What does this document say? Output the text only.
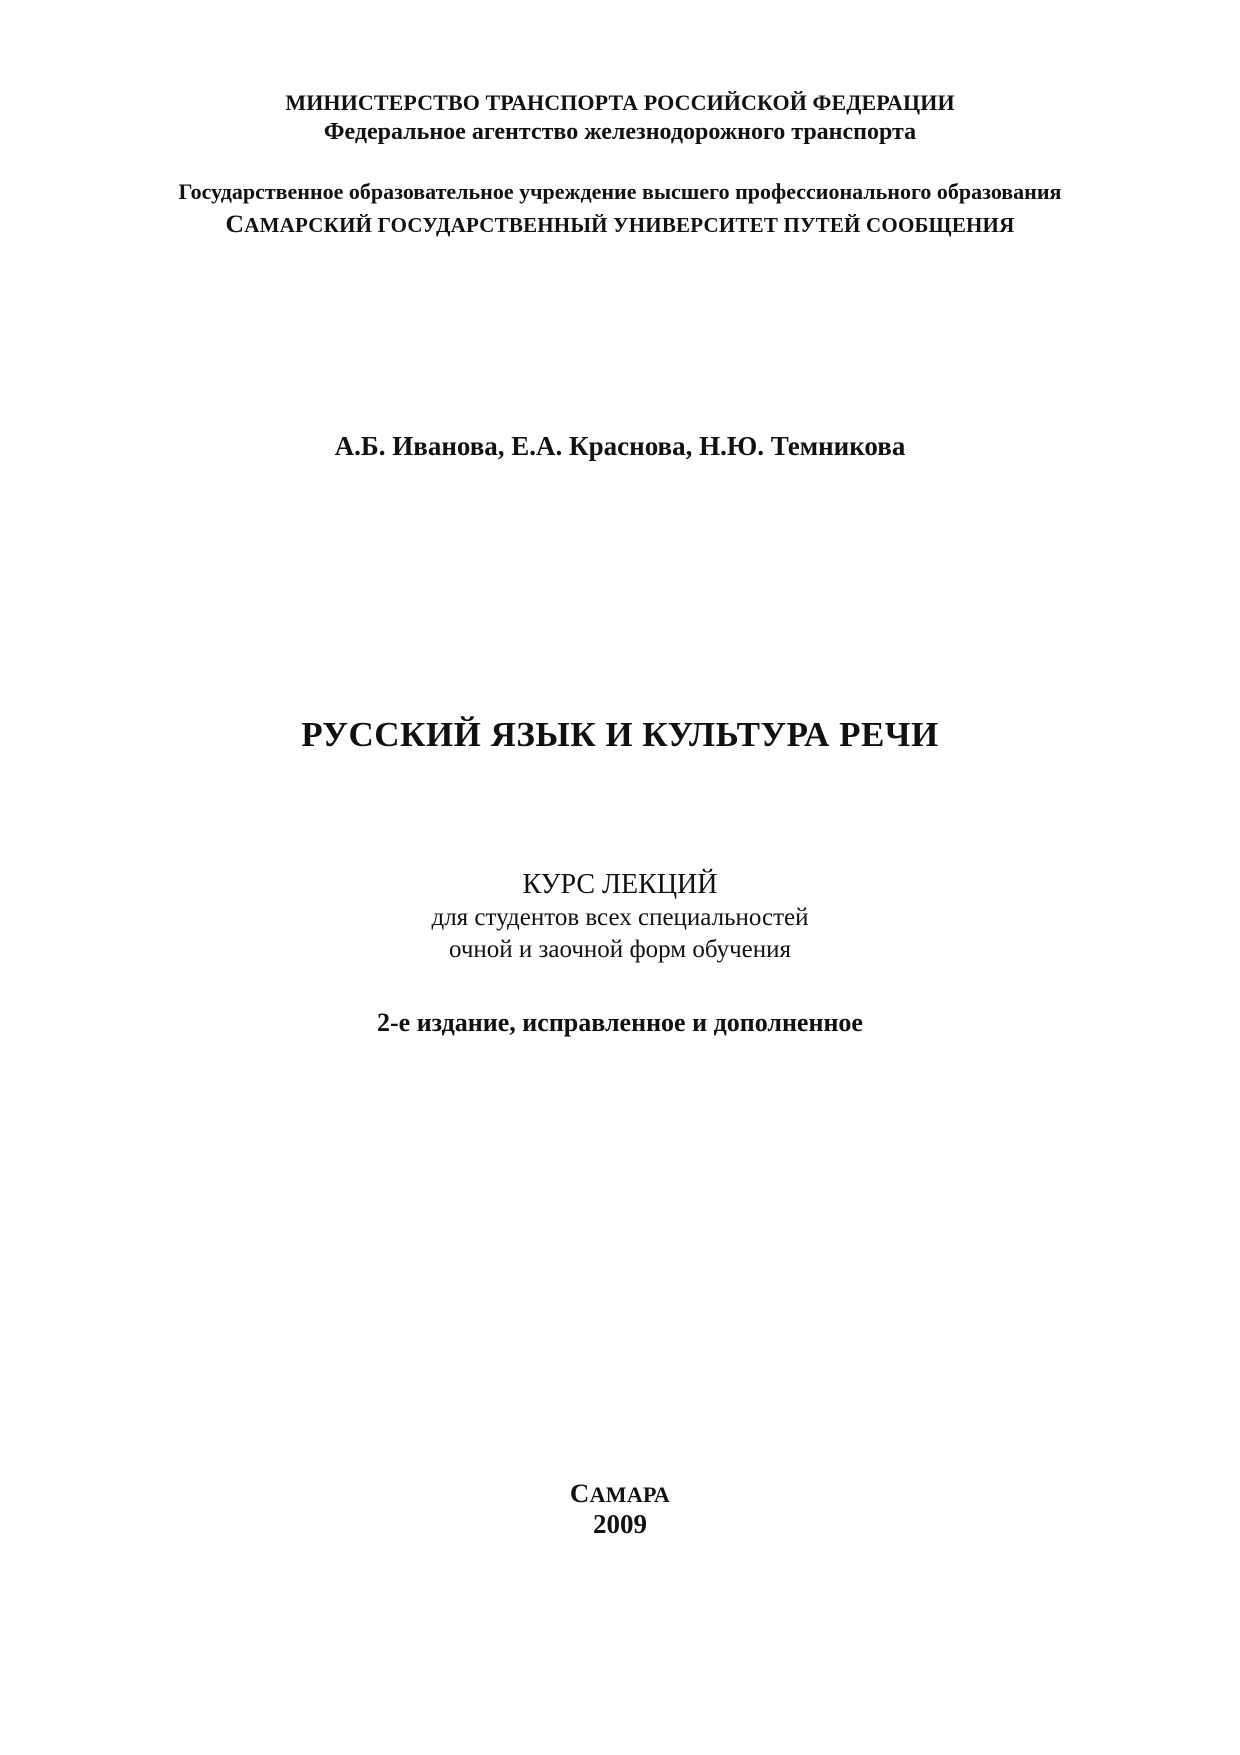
МИНИСТЕРСТВО ТРАНСПОРТА РОССИЙСКОЙ ФЕДЕРАЦИИ
Федеральное агентство железнодорожного транспорта
Государственное образовательное учреждение высшего профессионального образования
САМАРСКИЙ ГОСУДАРСТВЕННЫЙ УНИВЕРСИТЕТ ПУТЕЙ СООБЩЕНИЯ
А.Б. Иванова, Е.А. Краснова, Н.Ю. Темникова
РУССКИЙ ЯЗЫК И КУЛЬТУРА РЕЧИ
КУРС ЛЕКЦИЙ
для студентов всех специальностей
очной и заочной форм обучения
2-е издание, исправленное и дополненное
САМАРА
2009
